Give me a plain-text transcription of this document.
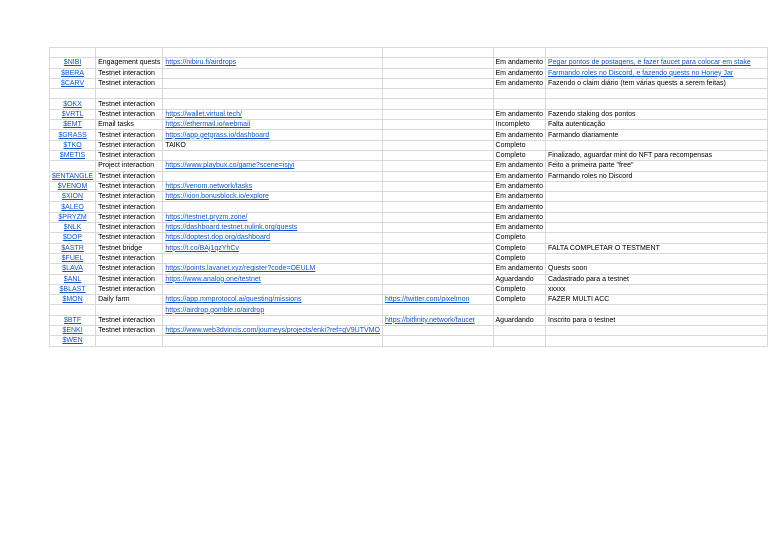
$NIBI	Engagement quests	https://nibiru.fi/airdrops		Em andamento	Pegar pontos de postagens, e fazer faucet para colocar em stake
$BERA	Testnet interaction			Em andamento	Farmando roles no Discord, e fazendo quests no Honey Jar
$CARV	Testnet interaction			Em andamento	Fazendo o claim diário (tem várias quests a serem feitas)

$OKX	Testnet interaction				
$VRTL	Testnet interaction	https://wallet.virtual.tech/		Em andamento	Fazendo staking dos pontos
$EMT	Email tasks	https://ethermail.io/webmail		Incompleto	Falta autenticação
$GRASS	Testnet interaction	https://app.getgrass.io/dashboard		Em andamento	Farmando diariamente
$TKO	Testnet interaction	TAIKO		Completo	
$METIS	Testnet interaction			Completo	Finalizado, aguardar mint do NFT para recompensas
	Project interaction	https://www.playbux.co/game?scene=isjyi		Em andamento	Feito a primeira parte "free"
$ENTANGLE	Testnet interaction			Em andamento	Farmando roles no Discord
$VENOM	Testnet interaction	https://venom.network/tasks		Em andamento	
$XION	Testnet interaction	https://xion.bonusblock.io/explore		Em andamento	
$ALEO	Testnet interaction			Em andamento	
$PRYZM	Testnet interaction	https://testnet.pryzm.zone/		Em andamento	
$NLK	Testnet interaction	https://dashboard.testnet.nulink.org/quests		Em andamento	
$DOP	Testnet interaction	https://doptest.dop.org/dashboard		Completo	
$ASTR	Testnet bridge	https://t.co/BAj1qzYhCv		Completo	FALTA COMPLETAR O TESTMENT
$FUEL	Testnet interaction			Completo	
$LAVA	Testnet interaction	https://points.lavanet.xyz/register?code=OEULM		Em andamento	Quests soon
$ANL	Testnet interaction	https://www.analog.one/testnet		Aguardando	Cadastrado para a testnet
$BLAST	Testnet interaction			Completo	xxxxx
$MON	Daily farm	https://app.mmprotocol.ai/questing/missions	https://twitter.com/pixelmon	Completo	FAZER MULTI ACC
		https://airdrop.gomble.io/airdrop			
$BTF	Testnet interaction		https://bitfinity.network/faucet	Aguardando	Inscrito para o testnet
$ENKI	Testnet interaction	https://www.web3dvincis.com/journeys/projects/enki?ref=gV9UTVMO			
$WEN					
